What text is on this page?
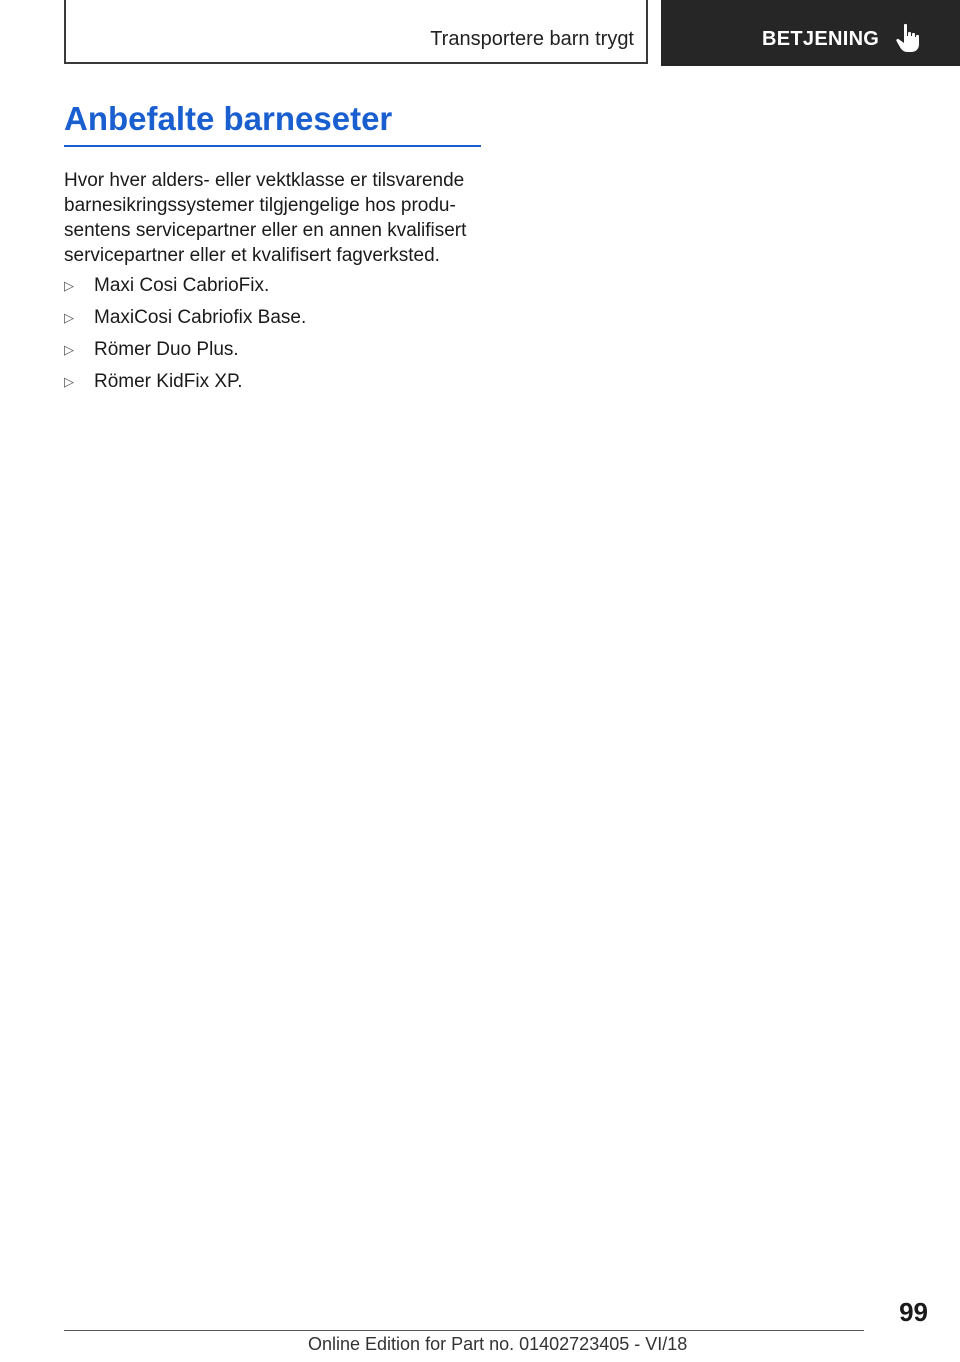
Transportere barn trygt	BETJENING
Anbefalte barneseter

Hvor hver alders- eller vektklasse er tilsvarende barnesikringssystemer tilgjengelige hos produsentens servicepartner eller en annen kvalifisert servicepartner eller et kvalifisert fagverksted.

▷ Maxi Cosi CabrioFix.
▷ MaxiCosi Cabriofix Base.
▷ Römer Duo Plus.
▷ Römer KidFix XP.
99
Online Edition for Part no. 01402723405 - VI/18
